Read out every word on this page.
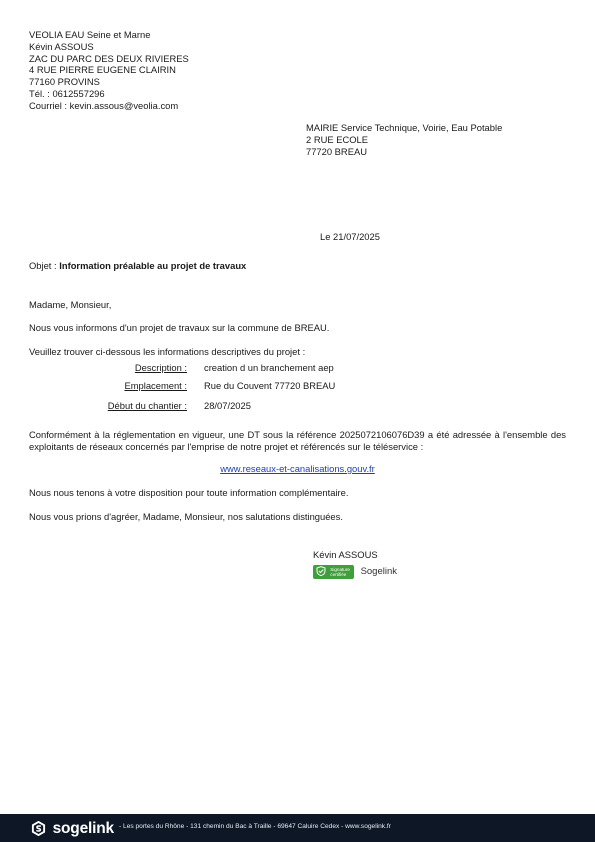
VEOLIA EAU Seine et Marne
Kévin ASSOUS
ZAC DU PARC DES DEUX RIVIERES
4 RUE PIERRE EUGENE CLAIRIN
77160 PROVINS
Tél. : 0612557296
Courriel : kevin.assous@veolia.com
MAIRIE Service Technique, Voirie, Eau Potable
2 RUE ECOLE
77720 BREAU
Le 21/07/2025
Objet : Information préalable au projet de travaux
Madame, Monsieur,
Nous vous informons d'un projet de travaux sur la commune de BREAU.
Veuillez trouver ci-dessous les informations descriptives du projet :
Description : creation d un branchement aep
Emplacement : Rue du Couvent 77720 BREAU
Début du chantier : 28/07/2025
Conformément à la réglementation en vigueur, une DT sous la référence 2025072106076D39 a été adressée à l'ensemble des exploitants de réseaux concernés par l'emprise de notre projet et référencés sur le téléservice :
www.reseaux-et-canalisations.gouv.fr
Nous nous tenons à votre disposition pour toute information complémentaire.
Nous vous prions d'agréer, Madame, Monsieur, nos salutations distinguées.
Kévin ASSOUS

Signature
certifiée	Sogelink
sogelink - Les portes du Rhône - 131 chemin du Bac à Traille - 69647 Caluire Cedex - www.sogelink.fr
